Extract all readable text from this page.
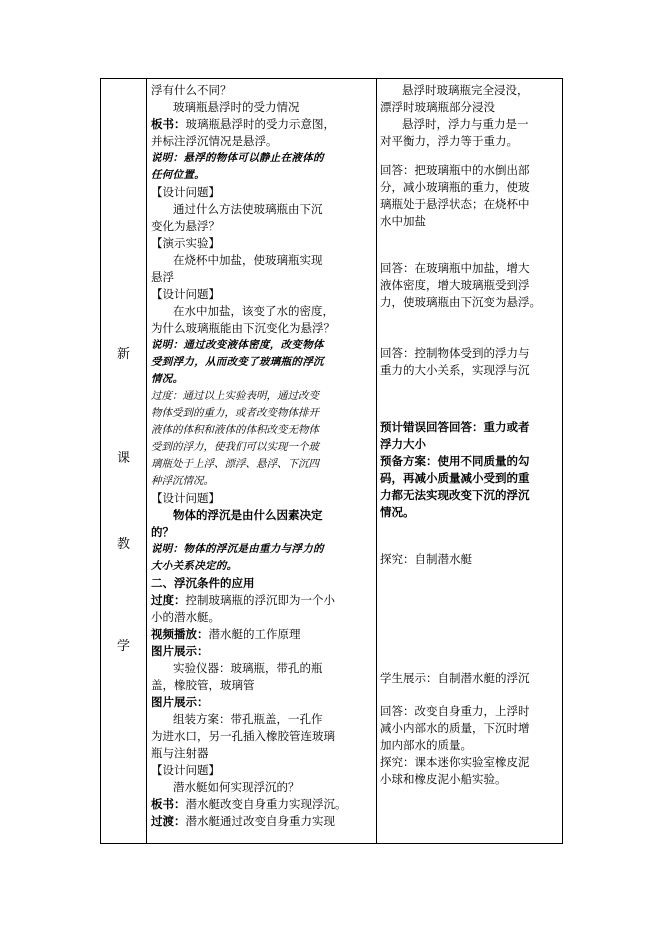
新
课
教
学
浮有什么不同？
玻璃瓶悬浮时的受力情况
板书：玻璃瓶悬浮时的受力示意图，
并标注浮沉情况是悬浮。
说明：悬浮的物体可以静止在液体的
任何位置。
【设计问题】
通过什么方法使玻璃瓶由下沉
变化为悬浮？
【演示实验】
在烧杯中加盐，使玻璃瓶实现
悬浮
【设计问题】
在水中加盐，该变了水的密度，
为什么玻璃瓶能由下沉变化为悬浮？
说明：通过改变液体密度，改变物体
受到浮力，从而改变了玻璃瓶的浮沉
情况。
过度：通过以上实验表明，通过改变
物体受到的重力，或者改变物体排开
液体的体积和液体的体积改变无物体
受到的浮力，使我们可以实现一个玻
璃瓶处于上浮、漂浮、悬浮、下沉四
种浮沉情况。
【设计问题】
物体的浮沉是由什么因素决定
的？
说明：物体的浮沉是由重力与浮力的
大小关系决定的。
二、浮沉条件的应用
过度：控制玻璃瓶的浮沉即为一个小
小的潜水艇。
视频播放：潜水艇的工作原理
图片展示：
实验仪器：玻璃瓶，带孔的瓶
盖，橡胶管，玻璃管
图片展示：
组装方案：带孔瓶盖，一孔作
为进水口，另一孔插入橡胶管连玻璃
瓶与注射器
【设计问题】
潜水艇如何实现浮沉的？
板书：潜水艇改变自身重力实现浮沉。
过渡：潜水艇通过改变自身重力实现
悬浮时玻璃瓶完全浸没，
漂浮时玻璃瓶部分浸没
悬浮时，浮力与重力是一
对平衡力，浮力等于重力。
回答：把玻璃瓶中的水倒出部
分，减小玻璃瓶的重力，使玻
璃瓶处于悬浮状态；在烧杯中
水中加盐
回答：在玻璃瓶中加盐，增大
液体密度，增大玻璃瓶受到浮
力，使玻璃瓶由下沉变为悬浮。
回答：控制物体受到的浮力与
重力的大小关系，实现浮与沉
预计错误回答回答：重力或者
浮力大小
预备方案：使用不同质量的勾
码，再减小质量减小受到的重
力都无法实现改变下沉的浮沉
情况。
探究：自制潜水艇
学生展示：自制潜水艇的浮沉
回答：改变自身重力，上浮时
减小内部水的质量，下沉时增
加内部水的质量。
探究：课本迷你实验室橡皮泥
小球和橡皮泥小船实验。
